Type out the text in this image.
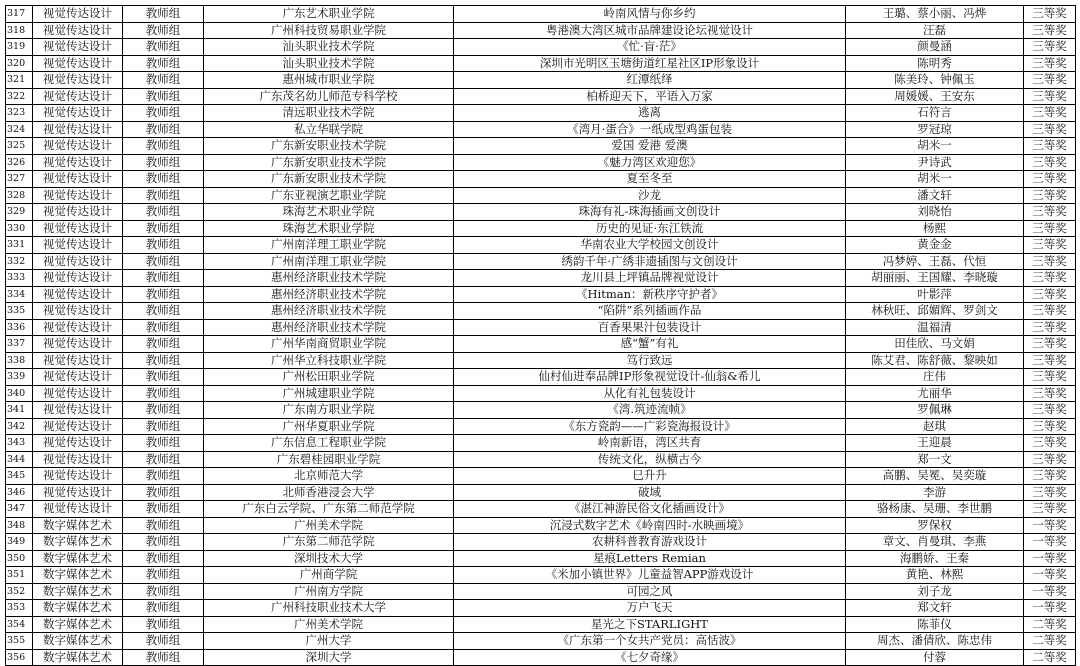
317	视觉传达设计	教师组	广东艺术职业学院	岭南风情与你乡约	王璐、蔡小丽、冯烨	三等奖
318	视觉传达设计	教师组	广州科技贸易职业学院	粤港澳大湾区城市品牌建设论坛视觉设计	汪磊	三等奖
319	视觉传达设计	教师组	汕头职业技术学院	《忙·盲·茫》	颜曼涵	三等奖
320	视觉传达设计	教师组	汕头职业技术学院	深圳市光明区玉塘街道红星社区IP形象设计	陈明秀	三等奖
321	视觉传达设计	教师组	惠州城市职业学院	红潭纸绎	陈美玲、钟佩玉	三等奖
322	视觉传达设计	教师组	广东茂名幼儿师范专科学校	柏桥迎天下，平语入万家	周媛媛、王安东	三等奖
323	视觉传达设计	教师组	清远职业技术学院	逃离	石符言	三等奖
324	视觉传达设计	教师组	私立华联学院	《湾月·蛋合》一纸成型鸡蛋包装	罗冠琼	三等奖
325	视觉传达设计	教师组	广东新安职业技术学院	爱国 爱港 爱澳	胡米一	三等奖
326	视觉传达设计	教师组	广东新安职业技术学院	《魅力湾区欢迎您》	尹诗武	三等奖
327	视觉传达设计	教师组	广东新安职业技术学院	夏至冬至	胡米一	三等奖
328	视觉传达设计	教师组	广东亚视演艺职业学院	沙龙	潘文轩	三等奖
329	视觉传达设计	教师组	珠海艺术职业学院	珠海有礼-珠海插画文创设计	刘晓怡	三等奖
330	视觉传达设计	教师组	珠海艺术职业学院	历史的见证·东江铁流	杨熙	三等奖
331	视觉传达设计	教师组	广州南洋理工职业学院	华南农业大学校园文创设计	黄金金	三等奖
332	视觉传达设计	教师组	广州南洋理工职业学院	绣韵千年·广绣非遗插图与文创设计	冯梦婷、王磊、代恒	三等奖
333	视觉传达设计	教师组	惠州经济职业技术学院	龙川县上坪镇品牌视觉设计	胡丽丽、王国耀、李晓璇	三等奖
334	视觉传达设计	教师组	惠州经济职业技术学院	《Hitman：新秩序守护者》	叶影萍	三等奖
335	视觉传达设计	教师组	惠州经济职业技术学院	“陷阱”系列插画作品	林秋旺、邱媚辉、罗剑文	三等奖
336	视觉传达设计	教师组	惠州经济职业技术学院	百香果果汁包装设计	温福清	三等奖
337	视觉传达设计	教师组	广州华南商贸职业学院	感“蟹”有礼	田佳欣、马文娟	三等奖
338	视觉传达设计	教师组	广州华立科技职业学院	笃行致远	陈艾君、陈舒薇、黎映如	三等奖
339	视觉传达设计	教师组	广州松田职业学院	仙村仙进奉品牌IP形象视觉设计-仙翁&希儿	庄伟	三等奖
340	视觉传达设计	教师组	广州城建职业学院	从化有礼包装设计	尤丽华	三等奖
341	视觉传达设计	教师组	广东南方职业学院	《湾.筑迹流帧》	罗佩琳	三等奖
342	视觉传达设计	教师组	广州华夏职业学院	《东方瓷韵——广彩瓷海报设计》	赵琪	三等奖
343	视觉传达设计	教师组	广东信息工程职业学院	岭南新语，湾区共育	王迎晨	三等奖
344	视觉传达设计	教师组	广东碧桂园职业学院	传统文化，纵横古今	郑一文	三等奖
345	视觉传达设计	教师组	北京师范大学	巳升升	高鹏、吴冕、吴奕璇	三等奖
346	视觉传达设计	教师组	北师香港浸会大学	破域	李游	三等奖
347	视觉传达设计	教师组	广东白云学院、广东第二师范学院	《湛江神游民俗文化插画设计》	骆杨康、吴珊、李世鹏	三等奖
348	数字媒体艺术	教师组	广州美术学院	沉浸式数字艺术《岭南四时-水映画境》	罗保权	一等奖
349	数字媒体艺术	教师组	广东第二师范学院	农耕科普教育游戏设计	章文、肖曼琪、李燕	一等奖
350	数字媒体艺术	教师组	深圳技术大学	星痕Letters Remian	海鹏娇、王秦	一等奖
351	数字媒体艺术	教师组	广州商学院	《米加小镇世界》儿童益智APP游戏设计	黄艳、林熙	一等奖
352	数字媒体艺术	教师组	广州南方学院	可园之风	刘子龙	一等奖
353	数字媒体艺术	教师组	广州科技职业技术大学	万户飞天	郑文轩	一等奖
354	数字媒体艺术	教师组	广州美术学院	星光之下STARLIGHT	陈菲仪	二等奖
355	数字媒体艺术	教师组	广州大学	《广东第一个女共产党员：高恬波》	周杰、潘倩欣、陈忠伟	二等奖
356	数字媒体艺术	教师组	深圳大学	《七夕奇缘》	付蓉	二等奖
